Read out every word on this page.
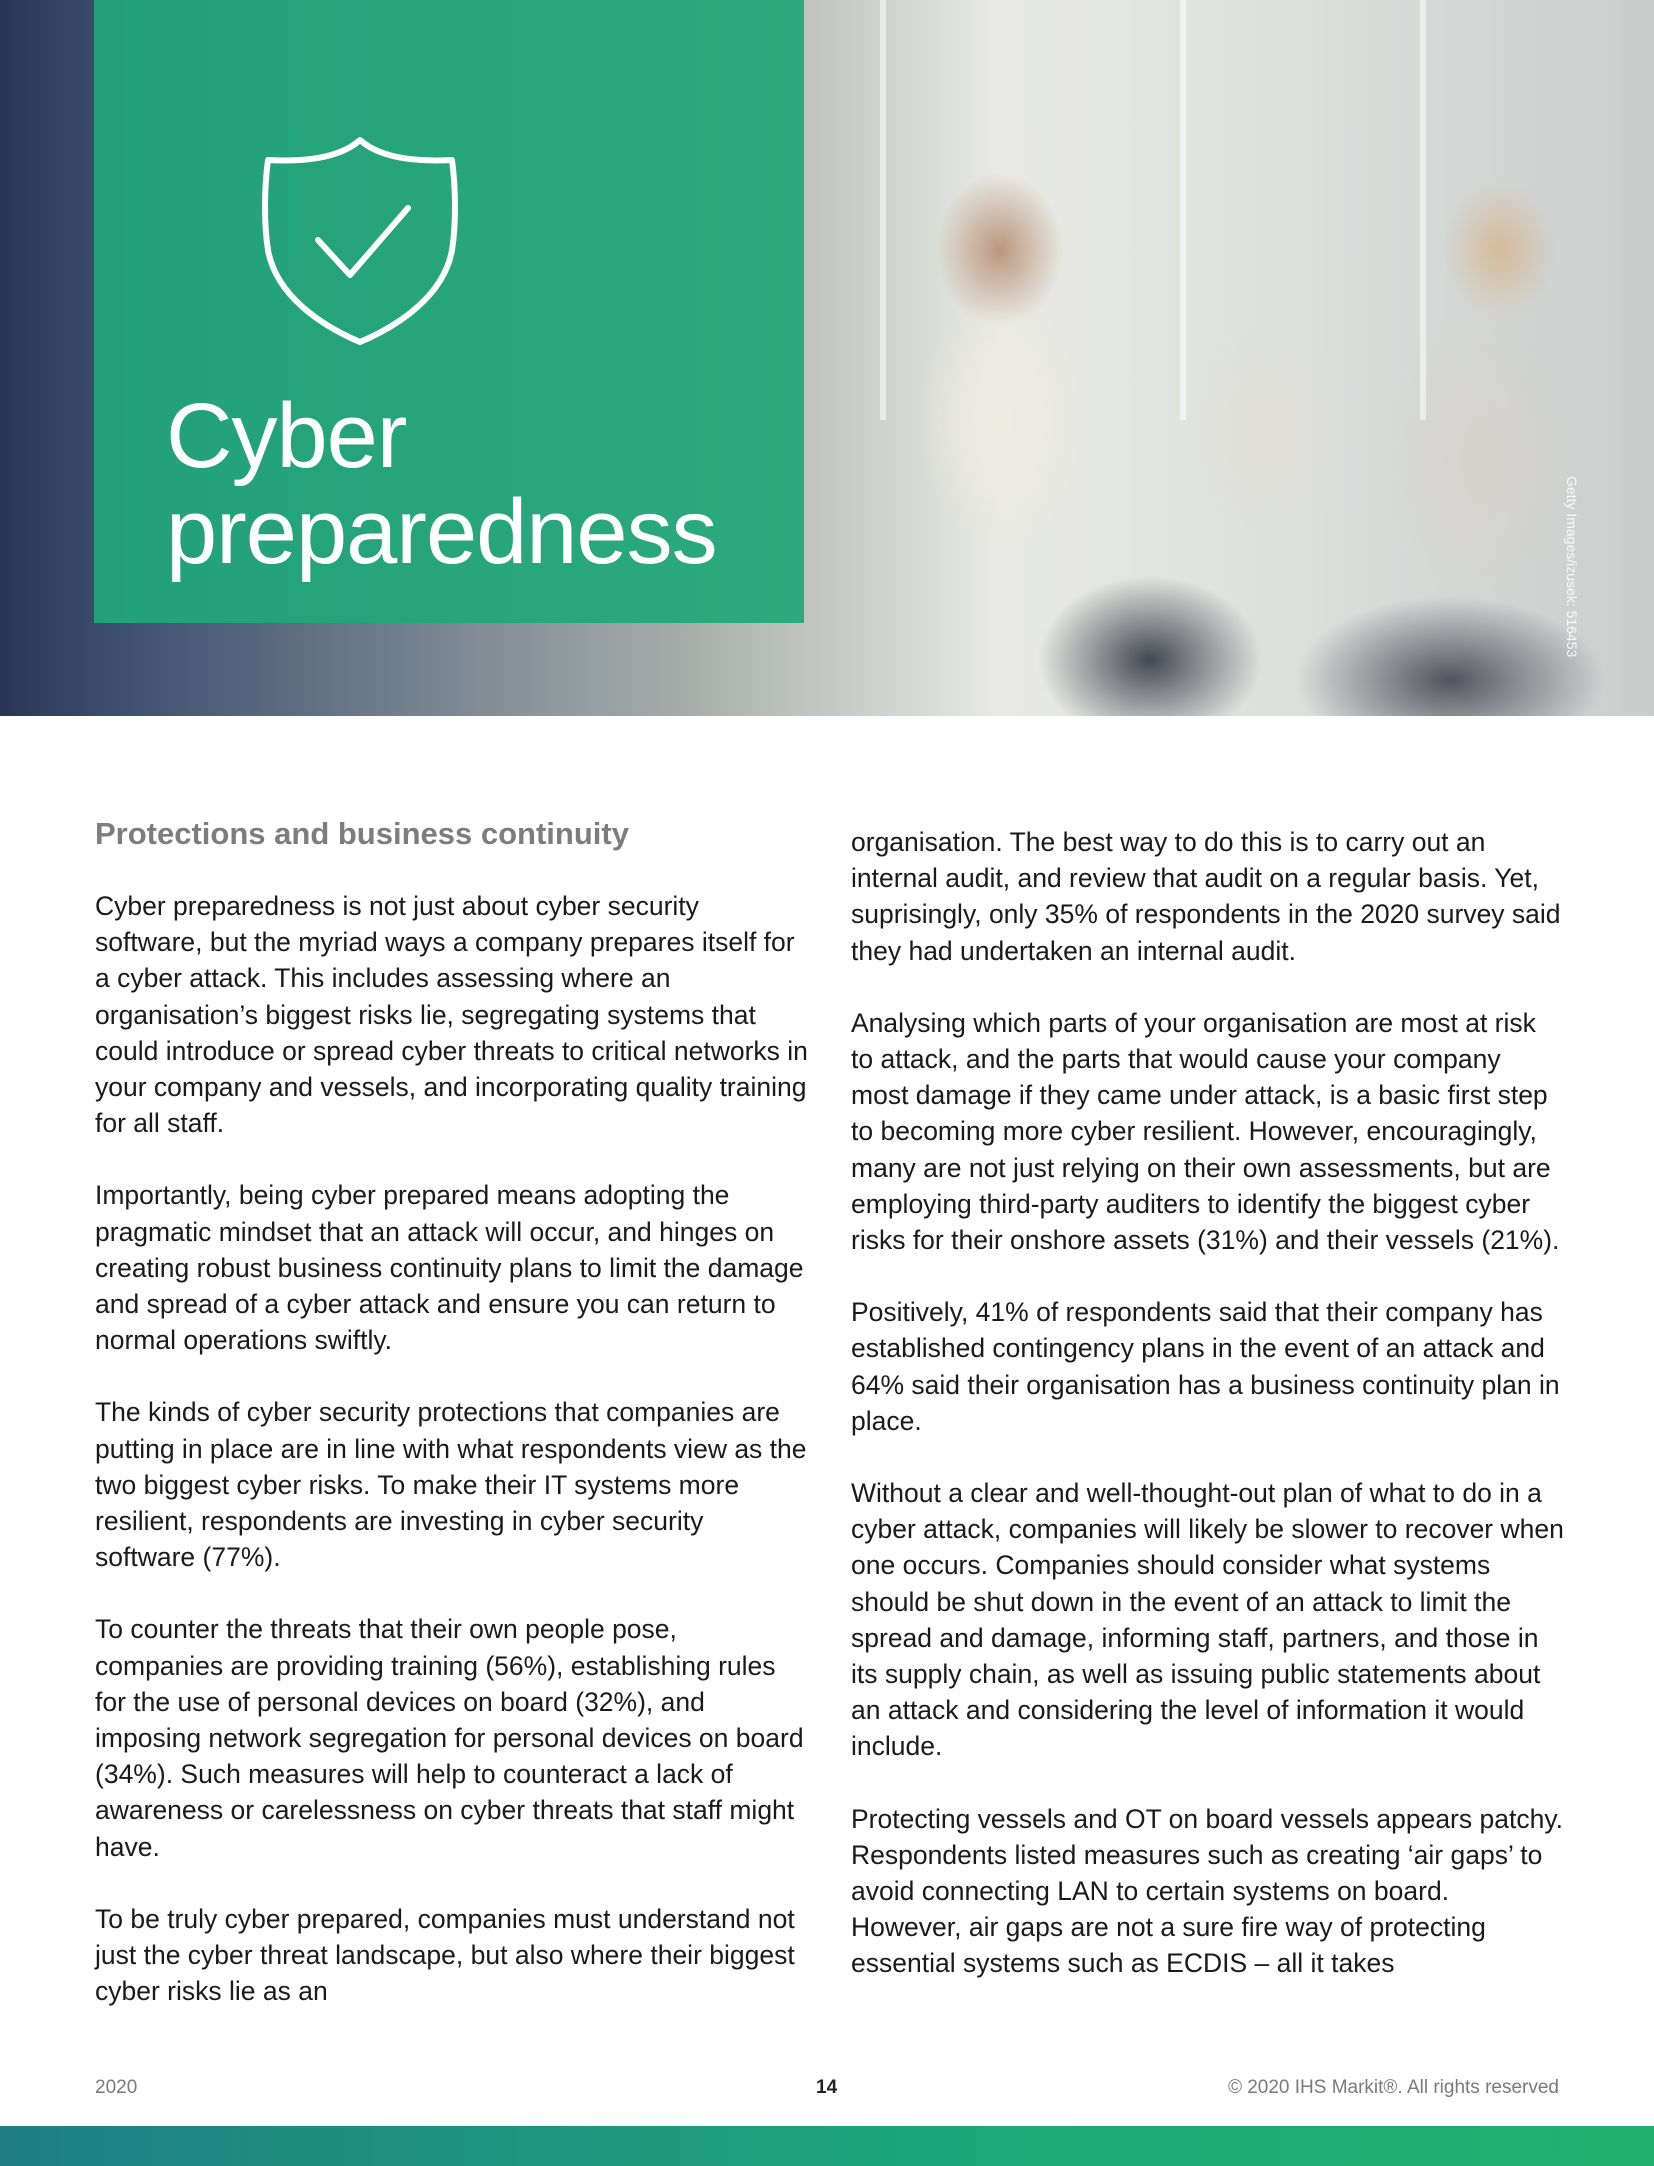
Cyber
preparedness	Getty Images/izusek: 516453
Protections and business continuity

Cyber preparedness is not just about cyber security software, but the myriad ways a company prepares itself for a cyber attack. This includes assessing where an organisation’s biggest risks lie, segregating systems that could introduce or spread cyber threats to critical networks in your company and vessels, and incorporating quality training for all staff.

Importantly, being cyber prepared means adopting the pragmatic mindset that an attack will occur, and hinges on creating robust business continuity plans to limit the damage and spread of a cyber attack and ensure you can return to normal operations swiftly.

The kinds of cyber security protections that companies are putting in place are in line with what respondents view as the two biggest cyber risks. To make their IT systems more resilient, respondents are investing in cyber security software (77%).

To counter the threats that their own people pose, companies are providing training (56%), establishing rules for the use of personal devices on board (32%), and imposing network segregation for personal devices on board (34%). Such measures will help to counteract a lack of awareness or carelessness on cyber threats that staff might have.

To be truly cyber prepared, companies must understand not just the cyber threat landscape, but also where their biggest cyber risks lie as an

organisation. The best way to do this is to carry out an internal audit, and review that audit on a regular basis. Yet, suprisingly, only 35% of respondents in the 2020 survey said they had undertaken an internal audit.

Analysing which parts of your organisation are most at risk to attack, and the parts that would cause your company most damage if they came under attack, is a basic first step to becoming more cyber resilient. However, encouragingly, many are not just relying on their own assessments, but are employing third-party auditers to identify the biggest cyber risks for their onshore assets (31%) and their vessels (21%).

Positively, 41% of respondents said that their company has established contingency plans in the event of an attack and 64% said their organisation has a business continuity plan in place.

Without a clear and well-thought-out plan of what to do in a cyber attack, companies will likely be slower to recover when one occurs. Companies should consider what systems should be shut down in the event of an attack to limit the spread and damage, informing staff, partners, and those in its supply chain, as well as issuing public statements about an attack and considering the level of information it would include.

Protecting vessels and OT on board vessels appears patchy. Respondents listed measures such as creating ‘air gaps’ to avoid connecting LAN to certain systems on board. However, air gaps are not a sure fire way of protecting essential systems such as ECDIS – all it takes

2020	14	© 2020 IHS Markit®. All rights reserved
